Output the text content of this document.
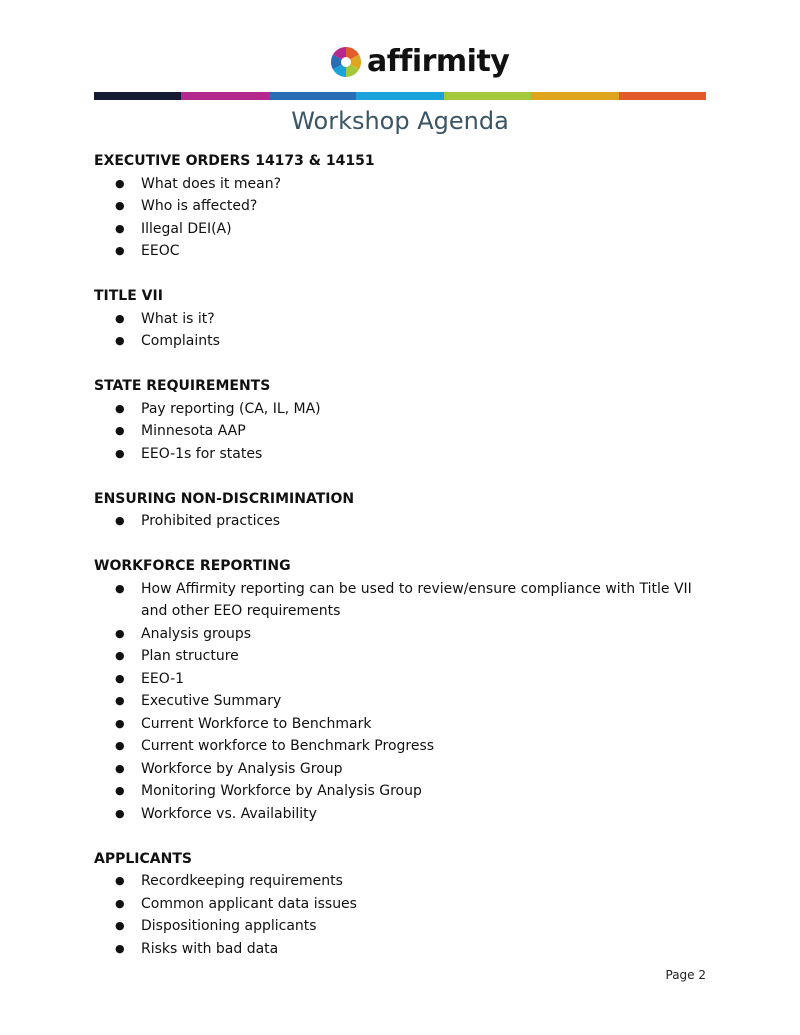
affirmity
Workshop Agenda
EXECUTIVE ORDERS 14173 & 14151
● What does it mean?
● Who is affected?
● Illegal DEI(A)
● EEOC
TITLE VII
● What is it?
● Complaints
STATE REQUIREMENTS
● Pay reporting (CA, IL, MA)
● Minnesota AAP
● EEO-1s for states
ENSURING NON-DISCRIMINATION
● Prohibited practices
WORKFORCE REPORTING
● How Affirmity reporting can be used to review/ensure compliance with Title VII and other EEO requirements
● Analysis groups
● Plan structure
● EEO-1
● Executive Summary
● Current Workforce to Benchmark
● Current workforce to Benchmark Progress
● Workforce by Analysis Group
● Monitoring Workforce by Analysis Group
● Workforce vs. Availability
APPLICANTS
● Recordkeeping requirements
● Common applicant data issues
● Dispositioning applicants
● Risks with bad data
Page 2
